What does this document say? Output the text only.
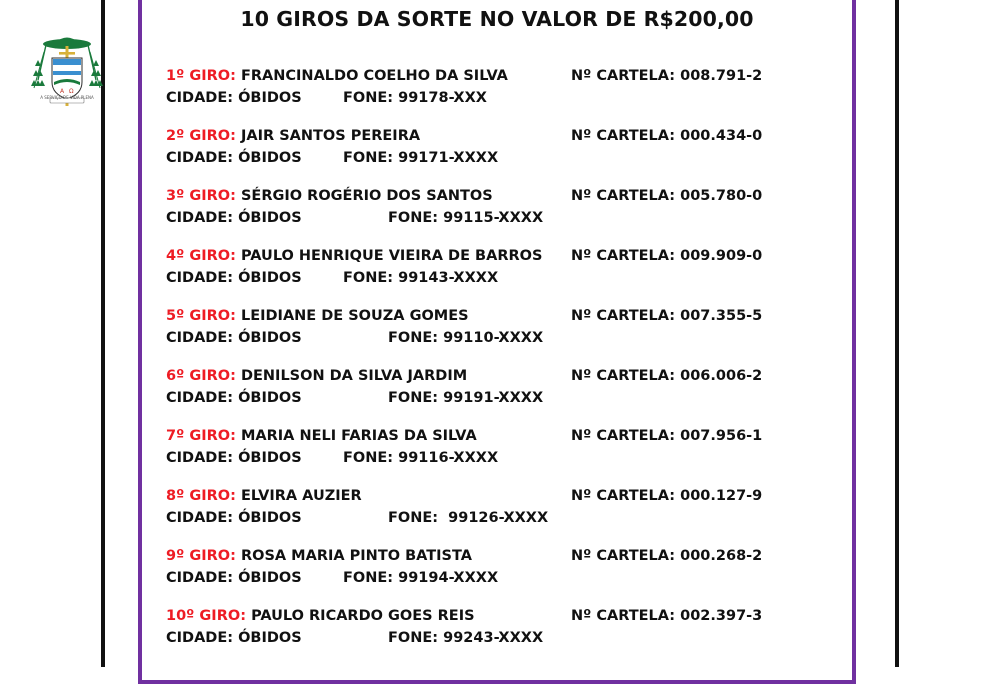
A Ω
A SERVIÇO DE VIDA PLENA
10 GIROS DA SORTE NO VALOR DE R$200,00
1º GIRO: FRANCINALDO COELHO DA SILVA	Nº CARTELA: 008.791-2
CIDADE: ÓBIDOS	FONE: 99178-XXX
2º GIRO: JAIR SANTOS PEREIRA	Nº CARTELA: 000.434-0
CIDADE: ÓBIDOS	FONE: 99171-XXXX
3º GIRO: SÉRGIO ROGÉRIO DOS SANTOS	Nº CARTELA: 005.780-0
CIDADE: ÓBIDOS	FONE: 99115-XXXX
4º GIRO: PAULO HENRIQUE VIEIRA DE BARROS Nº CARTELA: 009.909-0
CIDADE: ÓBIDOS	FONE: 99143-XXXX
5º GIRO: LEIDIANE DE SOUZA GOMES	Nº CARTELA: 007.355-5
CIDADE: ÓBIDOS	FONE: 99110-XXXX
6º GIRO: DENILSON DA SILVA JARDIM	Nº CARTELA: 006.006-2
CIDADE: ÓBIDOS	FONE: 99191-XXXX
7º GIRO: MARIA NELI FARIAS DA SILVA	Nº CARTELA: 007.956-1
CIDADE: ÓBIDOS	FONE: 99116-XXXX
8º GIRO: ELVIRA AUZIER	Nº CARTELA: 000.127-9
CIDADE: ÓBIDOS	FONE:  99126-XXXX
9º GIRO: ROSA MARIA PINTO BATISTA	Nº CARTELA: 000.268-2
CIDADE: ÓBIDOS	FONE: 99194-XXXX
10º GIRO: PAULO RICARDO GOES REIS	Nº CARTELA: 002.397-3
CIDADE: ÓBIDOS	FONE: 99243-XXXX
